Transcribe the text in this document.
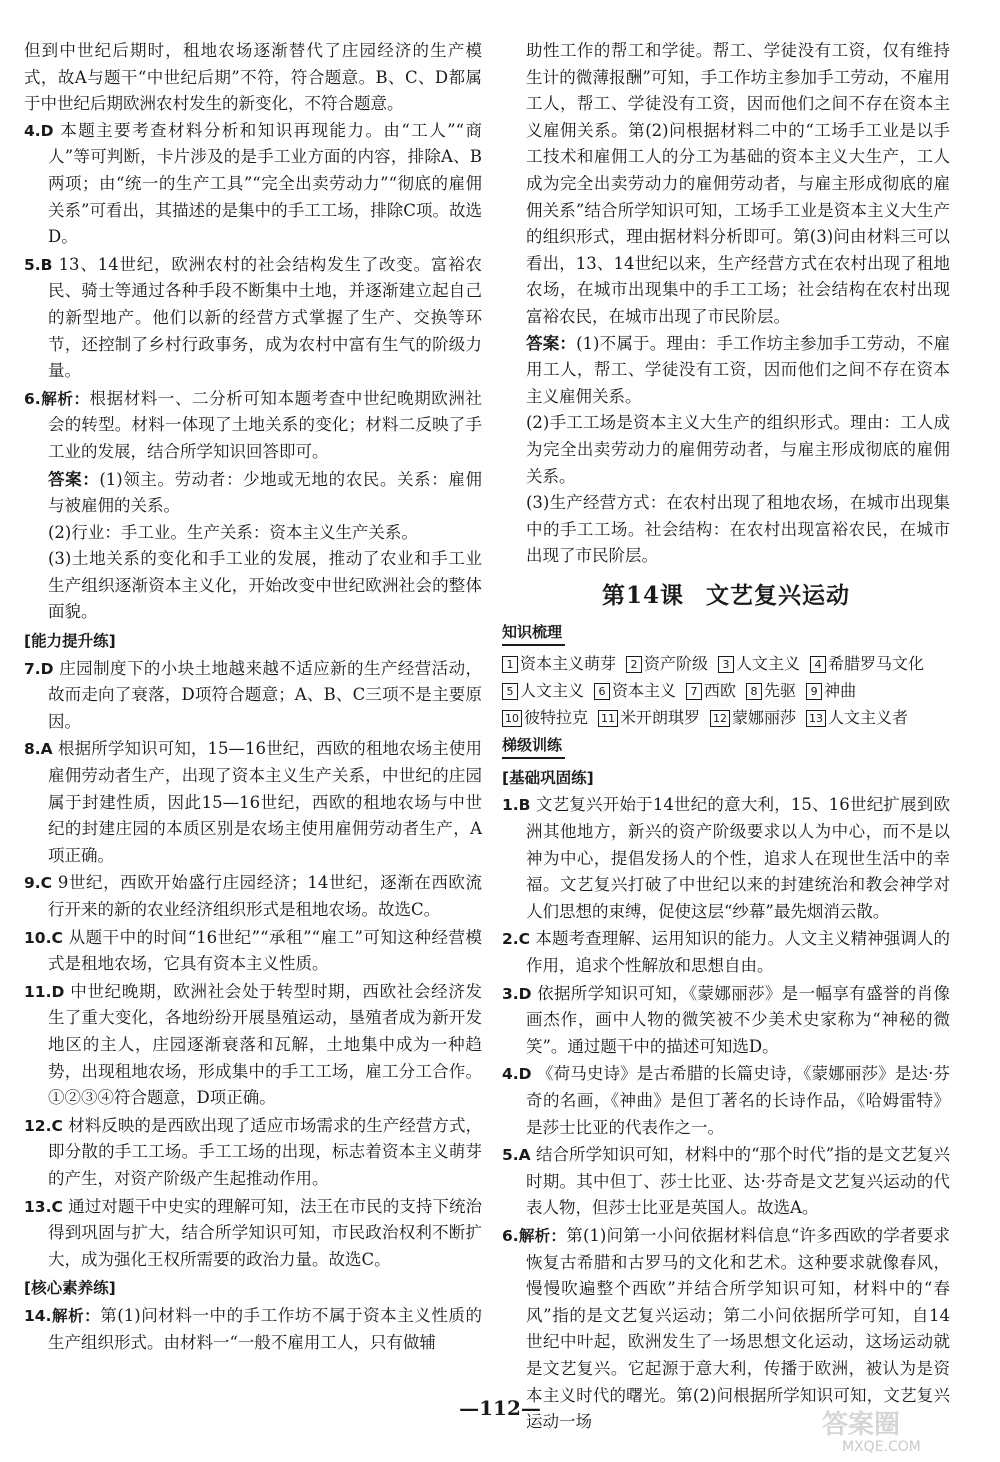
但到中世纪后期时，租地农场逐渐替代了庄园经济的生产模式，故A与题干“中世纪后期”不符，符合题意。B、C、D都属于中世纪后期欧洲农村发生的新变化，不符合题意。

4.D 本题主要考查材料分析和知识再现能力。由“工人”“商人”等可判断，卡片涉及的是手工业方面的内容，排除A、B两项；由“统一的生产工具”“完全出卖劳动力”“彻底的雇佣关系”可看出，其描述的是集中的手工工场，排除C项。故选D。

5.B 13、14世纪，欧洲农村的社会结构发生了改变。富裕农民、骑士等通过各种手段不断集中土地，并逐渐建立起自己的新型地产。他们以新的经营方式掌握了生产、交换等环节，还控制了乡村行政事务，成为农村中富有生气的阶级力量。

6.解析：根据材料一、二分析可知本题考查中世纪晚期欧洲社会的转型。材料一体现了土地关系的变化；材料二反映了手工业的发展，结合所学知识回答即可。

答案：(1)领主。劳动者：少地或无地的农民。关系：雇佣与被雇佣的关系。

(2)行业：手工业。生产关系：资本主义生产关系。

(3)土地关系的变化和手工业的发展，推动了农业和手工业生产组织逐渐资本主义化，开始改变中世纪欧洲社会的整体面貌。

[能力提升练]

7.D 庄园制度下的小块土地越来越不适应新的生产经营活动，故而走向了衰落，D项符合题意；A、B、C三项不是主要原因。

8.A 根据所学知识可知，15—16世纪，西欧的租地农场主使用雇佣劳动者生产，出现了资本主义生产关系，中世纪的庄园属于封建性质，因此15—16世纪，西欧的租地农场与中世纪的封建庄园的本质区别是农场主使用雇佣劳动者生产，A项正确。

9.C 9世纪，西欧开始盛行庄园经济；14世纪，逐渐在西欧流行开来的新的农业经济组织形式是租地农场。故选C。

10.C 从题干中的时间“16世纪”“承租”“雇工”可知这种经营模式是租地农场，它具有资本主义性质。

11.D 中世纪晚期，欧洲社会处于转型时期，西欧社会经济发生了重大变化，各地纷纷开展垦殖运动，垦殖者成为新开发地区的主人，庄园逐渐衰落和瓦解，土地集中成为一种趋势，出现租地农场，形成集中的手工工场，雇工分工合作。①②③④符合题意，D项正确。

12.C 材料反映的是西欧出现了适应市场需求的生产经营方式，即分散的手工工场。手工工场的出现，标志着资本主义萌芽的产生，对资产阶级产生起推动作用。

13.C 通过对题干中史实的理解可知，法王在市民的支持下统治得到巩固与扩大，结合所学知识可知，市民政治权利不断扩大，成为强化王权所需要的政治力量。故选C。

[核心素养练]

14.解析：第(1)问材料一中的手工作坊不属于资本主义性质的生产组织形式。由材料一“一般不雇用工人，只有做辅

助性工作的帮工和学徒。帮工、学徒没有工资，仅有维持生计的微薄报酬”可知，手工作坊主参加手工劳动，不雇用工人，帮工、学徒没有工资，因而他们之间不存在资本主义雇佣关系。第(2)问根据材料二中的“工场手工业是以手工技术和雇佣工人的分工为基础的资本主义大生产，工人成为完全出卖劳动力的雇佣劳动者，与雇主形成彻底的雇佣关系”结合所学知识可知，工场手工业是资本主义大生产的组织形式，理由据材料分析即可。第(3)问由材料三可以看出，13、14世纪以来，生产经营方式在农村出现了租地农场，在城市出现集中的手工工场；社会结构在农村出现富裕农民，在城市出现了市民阶层。

答案：(1)不属于。理由：手工作坊主参加手工劳动，不雇用工人，帮工、学徒没有工资，因而他们之间不存在资本主义雇佣关系。

(2)手工工场是资本主义大生产的组织形式。理由：工人成为完全出卖劳动力的雇佣劳动者，与雇主形成彻底的雇佣关系。

(3)生产经营方式：在农村出现了租地农场，在城市出现集中的手工工场。社会结构：在农村出现富裕农民，在城市出现了市民阶层。

第14课 文艺复兴运动
知识梳理
1 资本主义萌芽	2 资产阶级	3 人文主义	4 希腊罗马文化
5 人文主义	6 资本主义	7 西欧	8 先驱	9 神曲
10 彼特拉克 11 米开朗琪罗 12 蒙娜丽莎 13 人文主义者
梯级训练

[基础巩固练]

1.B 文艺复兴开始于14世纪的意大利，15、16世纪扩展到欧洲其他地方，新兴的资产阶级要求以人为中心，而不是以神为中心，提倡发扬人的个性，追求人在现世生活中的幸福。文艺复兴打破了中世纪以来的封建统治和教会神学对人们思想的束缚，促使这层“纱幕”最先烟消云散。

2.C 本题考查理解、运用知识的能力。人文主义精神强调人的作用，追求个性解放和思想自由。

3.D 依据所学知识可知，《蒙娜丽莎》是一幅享有盛誉的肖像画杰作，画中人物的微笑被不少美术史家称为“神秘的微笑”。通过题干中的描述可知选D。

4.D 《荷马史诗》是古希腊的长篇史诗，《蒙娜丽莎》是达·芬奇的名画，《神曲》是但丁著名的长诗作品，《哈姆雷特》是莎士比亚的代表作之一。

5.A 结合所学知识可知，材料中的“那个时代”指的是文艺复兴时期。其中但丁、莎士比亚、达·芬奇是文艺复兴运动的代表人物，但莎士比亚是英国人。故选A。

6.解析：第(1)问第一小问依据材料信息“许多西欧的学者要求恢复古希腊和古罗马的文化和艺术。这种要求就像春风，慢慢吹遍整个西欧”并结合所学知识可知，材料中的“春风”指的是文艺复兴运动；第二小问依据所学可知，自14世纪中叶起，欧洲发生了一场思想文化运动，这场运动就是文艺复兴。它起源于意大利，传播于欧洲，被认为是资本主义时代的曙光。第(2)问根据所学知识可知，文艺复兴运动一场

—112—
答案圈
MXQE.COM
